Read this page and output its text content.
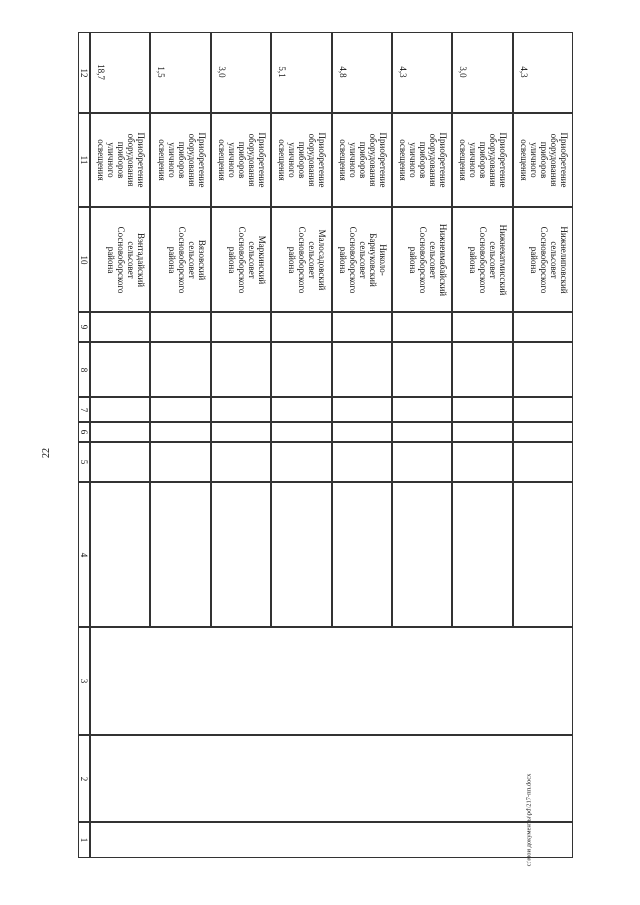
22
c:\мои документы\pd\217-пп.docx
12
11
10
9
8
7
6
5
4
3
2
1
18,7
Приобретение
оборудования
приборов
уличного
освещения
Вэнтадайский
сельсовет
Сосновоборского
района
1,5
Приобретение
оборудования
приборов
уличного
освещения
Вязовский
сельсовет
Сосновоборского
района
3,0
Приобретение
оборудования
приборов
уличного
освещения
Маркинский
сельсовет
Сосновоборского
района
5,1
Приобретение
оборудования
приборов
уличного
освещения
Малосадовский
сельсовет
Сосновоборского
района
4,8
Приобретение
оборудования
приборов
уличного
освещения
Николо-
Барнуковский
сельсовет
Сосновоборского
района
4,3
Приобретение
оборудования
приборов
уличного
освещения
Нижнеимабайский
сельсовет
Сосновоборского
района
3,0
Приобретение
оборудования
приборов
уличного
освещения
Нижнекатмисский
сельсовет
Сосновоборского
района
4,3
Приобретение
оборудования
приборов
уличного
освещения
Нижнелиповский
сельсовет
Сосновоборского
района
